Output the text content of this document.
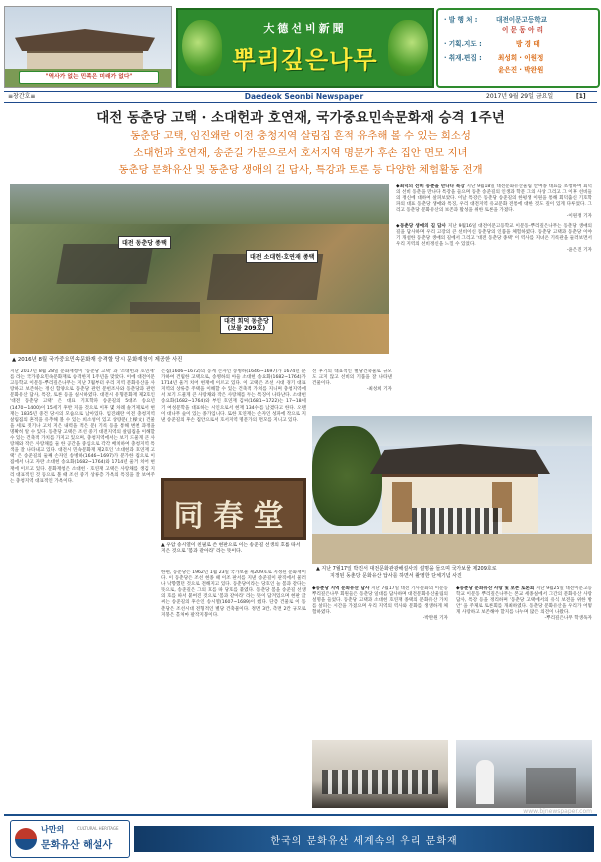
"역사가 없는 민족은 미래가 없다"
大德선비新聞
뿌리깊은나무
· 발 행 처 :	대전이문고등학교
이 문 동 아 리
· 기획.지도 :	방 경 태
· 취재.편집 : 최성희 · 이원정
윤은진 · 박완원
≡창간호≡	Daedeok Seonbi Newspaper	2017년 9월 29일 금요일	[1]
대전 동춘당 고택 · 소대헌과 호연재, 국가중요민속문화재 승격 1주년
동춘당 고택, 임진왜란 이전 충청지역 살림집 흔적 유추해 볼 수 있는 희소성
소대헌과 호연재, 송준길 가문으로서 호서지역 명문가 후손 집안 면모 지녀
동춘당 문화유산 및 동춘당 생애의 길 답사, 특강과 토론 등 다양한 체험활동 전개
대전 동춘당 종택
대전 소대헌·호연재 종택
대전 회덕 동춘당
(보물 209호)
▲ 2016년 8월 국가중요민속문화재 승격할 당시 문화재청이 제공한 사진
◆최덕의 선비 동춘을 만나다 특강 지난 9월18일 대전문화유산울림 안여종 대표를 초청하여 회덕의 선비 동춘을 만나다 특강을 들으며 동춘 송준길의 인생과 학문 그의 사상 그리고 그 이후 선비들의 정신에 대하여 살펴보았다. 이날 특강은 동춘당 송준길의 한평생 이원을 통해 회덕출신 기호학파의 대표 동춘당 생애와 특징, 우리 대전지역 유교문화 전통에 대한 것도 깊이 있게 다루었다. 그리고 동춘당 문화유산의 보존과 활성을 위한 토론을 가졌다.
-이원정 기자
◆동춘당 생애의 길 답사 지난 9월16일 대전이문고등학교 이문동-뿌리깊은나무는 동춘당 생애의 길을 답사하며 우리 고장의 큰 선비이신 동춘당의 인품을 체험하였다. 동춘당 고택과 동춘당 이야기 개설한 동춘당 생애의 길에서 그리고 '대전 동춘당 종택' 이 역사를 지녀온 기록관을 둘러보면서 우리 지역의 선비정신을 느낄 수 있었다.
-윤은진 기자
지난 2017년 8월 28일 문화재청이 '동춘당 고택' 과 '소대헌과 호연재' 를 라는 국가중요민속문화재로 승격한지 1주년을 맞았다. 이에 대전이문고등학교 이문동-뿌리깊은나무는 지난 7월부터 우리 지역 문화유산을 사랑하고 보존하는 정신 함양으로 동춘당 관련 문헌조사와 동춘당과 관련 문화유산 답사, 특강, 토론 등을 실시하였다. 대전시 유형문화재 제2호인 '대전 동춘당 고택' 은 대표 기호학파 송준길의 5대조 송요년(1470~1400)이 15세기 후반 지을 것으로 이후 몇 차례 솔거제로서 현재는 1835년 중건 당시의 모습으로 남아있다. 임진왜란 이전 충청지역 살림집의 흔적을 유추해 볼 수 있는 희소성이 있고 상량문(上樑文) 건물을 세로 짓기나 고치 지은 내력을 적은 문) 기록 등을 통해 변천 과정을 명확히 알 수 있다. 동춘당 고택은 조선 중기 대전지역의 살림집을 이해할 수 있는 건축적 가치를 가지고 있으며, 충청지역에서는 보기 드물게 큰 사랑채와 작은 사랑채를 둘 한 공간을 중심으로 각각 배치하여 충청지역 특색을 잘 나타내고 있다. 대전시 민속문화재 제2호인 '소대헌과 호연재 고택' 은 송준길의 둘째 손자인 송병하(1646~1697)가 분가한 집으로 이 집에서 나고 자란 소대헌 송요화(1682~1764)와 1714년 울거 치어 현재에 이르고 있다. 문화재청은 소대헌 · 호연재 고택은 사랑채를 생김 지리 대표적인 것 등으로 볼 때 조선 중기 상류층 가옥의 특징을 잘 보여주는 충청지역 대표적인 가옥이다.
은집(1606~1672)의 동계 손자인 송병하(1646~1697)가 1674년 분가하여 건립한 고택으로, 송병하의 아들 소대헌 송요화(1682~1764)가 1714년 울거 치어 현재에 이르고 있다. 이 고택은 조선 시대 경기 대표 지역의 상류층 주택을 이해할 수 있는 건축적 가치를 지니며 충청지역에서 보기 드물게 큰 사랑채와 작은 사랑채를 두는 특징이 나타난다. 소대헌 송요화(1682~1764)와 부인 호연재 김씨(1681~1722)는 17~18세기 여성문학을 대표하는 시인으로서 현재 134수를 남겼다고 한다. 오랜 이 대나무 숲이 있는 종가입니다. 또한 호연재는 손자인 성파에 작으로 지낸 송준길의 후손 집안으로서 호서지역 명문가의 면모를 지니고 있다.
同春堂
▲ 우암 송시열이 친필로 쓴 현판으로 이는 송준길 선생의 호를 따서 지은 것으로 '봄과 같아라' 라는 뜻이다.
한편, 동춘당은 1962년 1월 23일 국가보물 제209호로 지정된 문화재이다. 이 동춘당은 조선 현종 때 이조 판서를 지낸 송준길이 관직에서 물러나 낙향했던 것으로 전해지고 있다. 동춘당이라는 당호인 늘 봄과 같다는 뜻으로, 송준길은 그의 호를 따 당호를 붙였다. 동춘당 봄을 송준길 선생의 호를 따서 붙여진 것으로 '봄과 같아라' 라는 뜻이 담겨있으며 현판 글씨는 송준길의 후손인 송시열(1607~1689)이 썼다. 단층 건물로 이 동춘당은 조선시대 전형적인 별당 건축물이다. 정면 3칸, 측면 2칸 규모로 지붕은 홑처마 팔작지붕이다.
선 후기의 대표적인 별당건축물로 규모도 크지 않고 선비의 기품을 잘 나타낸 건물이다.
-최성희 기자
▲ 지난 7월17일 박진서 대전문화관광해설사의 설명을 들으며 국가보물 제209호로
지정된 동춘당 문화유산 답사를 하면서 촬영한 단체기념 사진
◆동춘당 지역 문화유산 답사 지난 7월17일 대전 기사문화의 이문동 뿌리깊은나무 회원들은 동춘당 일대를 답사하며 대전문화유산울림의 설명을 들었다. 동춘당 고택과 소대헌 호연재 종택의 문화유산 가치를 살피는 시간을 가졌으며 우리 지역의 역사와 문화를 생생하게 체험하였다.
-박완원 기자
◆동춘당 문화유산 사랑 및 보존 토론회 지난 9월25일 대전이문고등학교 이문동 뿌리깊은나무는 본교 세종실에서 그간의 문화유산 사랑 답사, 특강 등을 정리하며 '동춘당 고택에서의 유식 보전을 위한 방안' 을 주제로 토론회를 개최하였다. 동춘당 문화유산을 우리가 어떻게 사랑하고 보존해야 할지를 나누며 많은 의견이 나왔다.
-뿌리깊은나무 학생독자
www.bjnewspaper.com
나만의	CULTURAL HERITAGE
문화유산 해설사	한국의 문화유산 세계속의 우리 문화재
